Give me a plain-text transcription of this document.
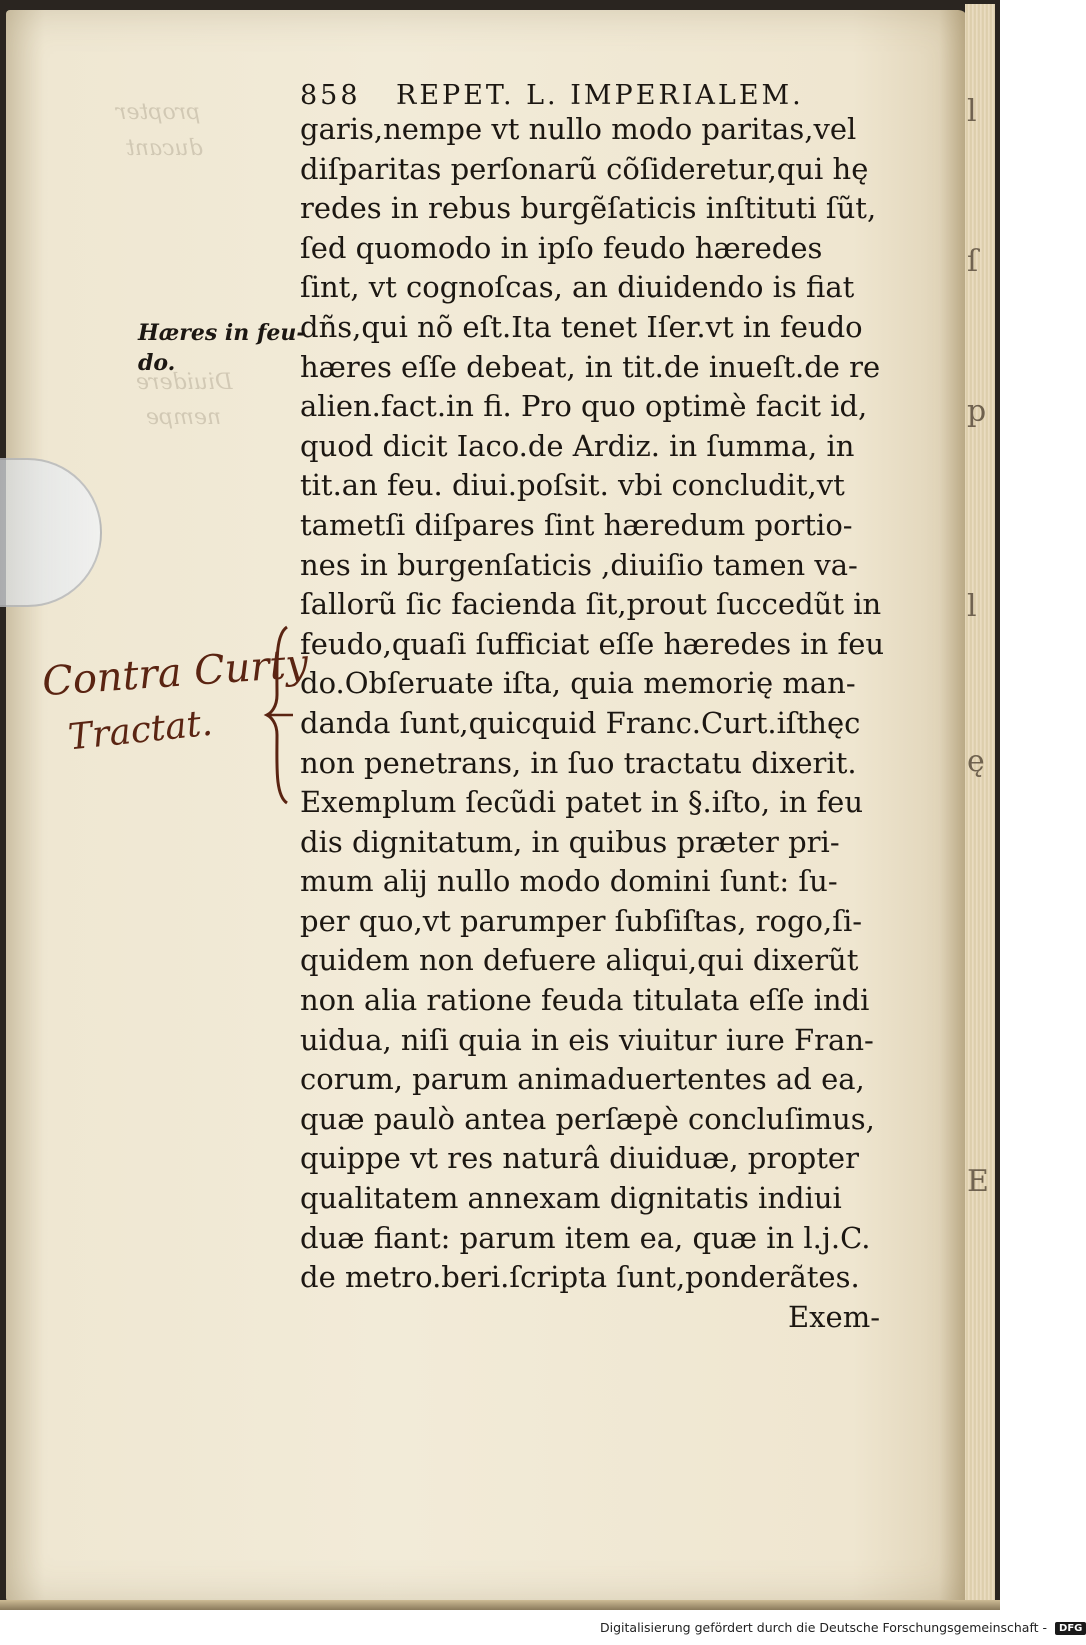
propter
ducant
Diuidere
nempe
l
ſ
p
l
ę
E
858 REPET. L. IMPERIALEM.
Hæres in feu-
do.
Contra Curty
Tractat.
garis,nempe vt nullo modo paritas,vel
diſparitas perſonarũ cõſideretur,qui hę
redes in rebus burgẽſaticis inſtituti ſũt,
ſed quomodo in ipſo feudo hæredes
ſint, vt cognoſcas, an diuidendo is fiat
dñs,qui nõ eſt.Ita tenet Iſer.vt in feudo
hæres eſſe debeat, in tit.de inueſt.de re
alien.fact.in fi. Pro quo optimè facit id,
quod dicit Iaco.de Ardiz. in ſumma, in
tit.an feu. diui.poſsit. vbi concludit,vt
tametſi diſpares ſint hæredum portio-
nes in burgenſaticis ,diuiſio tamen va-
ſallorũ ſic facienda ſit,prout ſuccedũt in
feudo,quaſi ſufficiat eſſe hæredes in feu
do.Obſeruate iſta, quia memorię man-
danda ſunt,quicquid Franc.Curt.iſthęc
non penetrans, in ſuo tractatu dixerit.
Exemplum ſecũdi patet in §.iſto, in feu
dis dignitatum, in quibus præter pri-
mum alij nullo modo domini ſunt: ſu-
per quo,vt parumper ſubſiſtas, rogo,ſi-
quidem non defuere aliqui,qui dixerũt
non alia ratione feuda titulata eſſe indi
uidua, niſi quia in eis viuitur iure Fran-
corum, parum animaduertentes ad ea,
quæ paulò antea perſæpè concluſimus,
quippe vt res naturâ diuiduæ, propter
qualitatem annexam dignitatis indiui
duæ fiant: parum item ea, quæ in l.j.C.
de metro.beri.ſcripta ſunt,ponderãtes.
Exem-
Digitalisierung gefördert durch die Deutsche Forschungsgemeinschaft - DFG
